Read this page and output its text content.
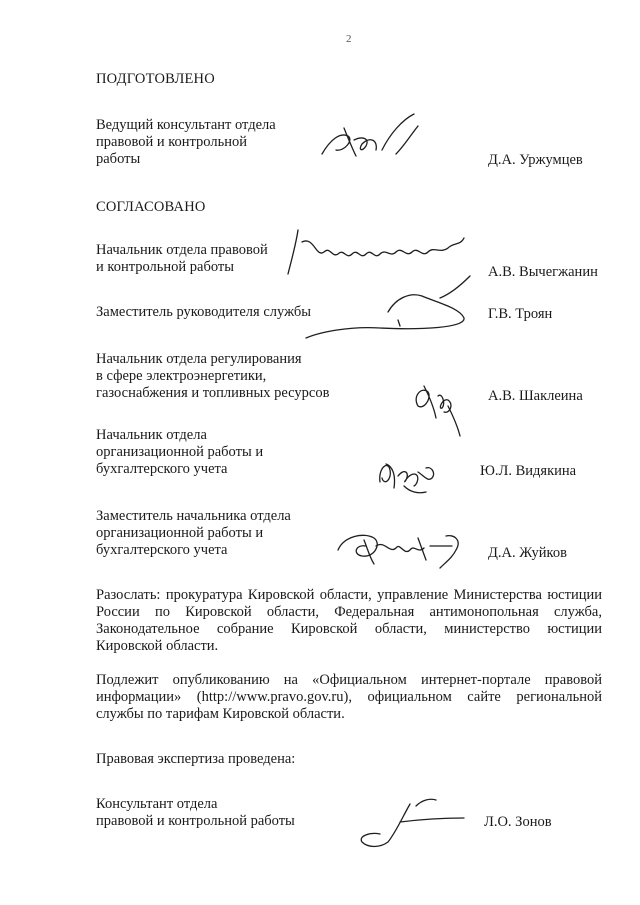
2
ПОДГОТОВЛЕНО
Ведущий консультант отдела
правовой и контрольной
работы	Д.А. Уржумцев
СОГЛАСОВАНО
Начальник отдела правовой
и контрольной работы	А.В. Вычегжанин
Заместитель руководителя службы	Г.В. Троян
Начальник отдела регулирования
в сфере электроэнергетики,
газоснабжения и топливных ресурсов	А.В. Шаклеина
Начальник отдела
организационной работы и
бухгалтерского учета	Ю.Л. Видякина
Заместитель начальника отдела
организационной работы и
бухгалтерского учета	Д.А. Жуйков
Разослать: прокуратура Кировской области, управление Министерства юстиции России по Кировской области, Федеральная антимонопольная служба, Законодательное собрание Кировской области, министерство юстиции Кировской области.
Подлежит опубликованию на «Официальном интернет-портале правовой информации» (http://www.pravo.gov.ru), официальном сайте региональной службы по тарифам Кировской области.
Правовая экспертиза проведена:
Консультант отдела
правовой и контрольной работы	Л.О. Зонов
